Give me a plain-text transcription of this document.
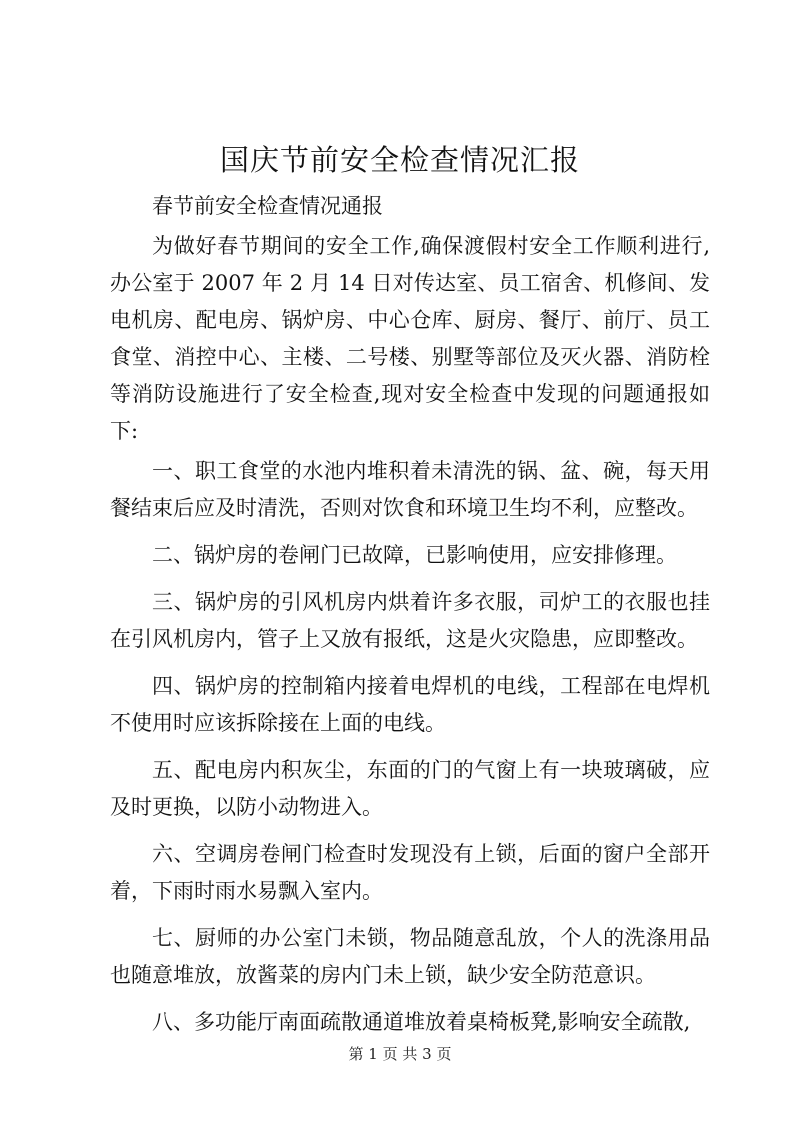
国庆节前安全检查情况汇报

春节前安全检查情况通报

为做好春节期间的安全工作,确保渡假村安全工作顺利进行,办公室于 2007 年 2 月 14 日对传达室、员工宿舍、机修间、发电机房、配电房、锅炉房、中心仓库、厨房、餐厅、前厅、员工食堂、消控中心、主楼、二号楼、别墅等部位及灭火器、消防栓等消防设施进行了安全检查,现对安全检查中发现的问题通报如下:

一、职工食堂的水池内堆积着未清洗的锅、盆、碗，每天用餐结束后应及时清洗，否则对饮食和环境卫生均不利，应整改。

二、锅炉房的卷闸门已故障，已影响使用，应安排修理。

三、锅炉房的引风机房内烘着许多衣服，司炉工的衣服也挂在引风机房内，管子上又放有报纸，这是火灾隐患，应即整改。

四、锅炉房的控制箱内接着电焊机的电线，工程部在电焊机不使用时应该拆除接在上面的电线。

五、配电房内积灰尘，东面的门的气窗上有一块玻璃破，应及时更换，以防小动物进入。

六、空调房卷闸门检查时发现没有上锁，后面的窗户全部开着，下雨时雨水易飘入室内。

七、厨师的办公室门未锁，物品随意乱放，个人的洗涤用品也随意堆放，放酱菜的房内门未上锁，缺少安全防范意识。

八、多功能厅南面疏散通道堆放着桌椅板凳,影响安全疏散,

第 1 页 共 3 页
